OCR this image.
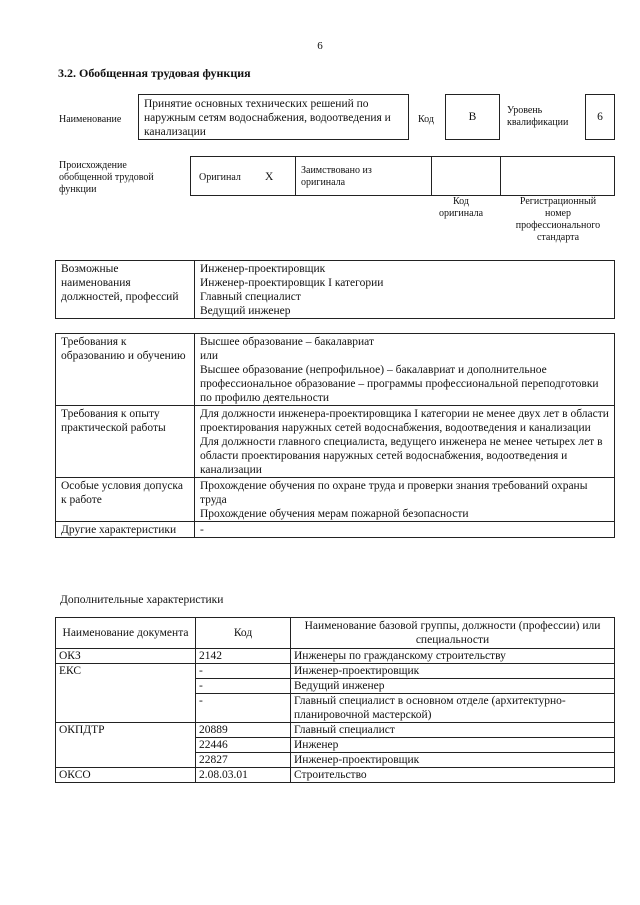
6
3.2. Обобщенная трудовая функция
Наименование
Принятие основных технических решений по наружным сетям водоснабжения, водоотведения и канализации
Код	В
Уровень квалификации	6
Происхождение обобщенной трудовой функции
Оригинал X
Заимствовано из оригинала
Код оригинала
Регистрационный номер профессионального стандарта
Возможные наименования должностей, профессий	
Инженер-проектировщик
Инженер-проектировщик I категории
Главный специалист
Ведущий инженер
Требования к образованию и обучению	Высшее образование – бакалавриат
или
Высшее образование (непрофильное) – бакалавриат и дополнительное профессиональное образование – программы профессиональной переподготовки по профилю деятельности

Требования к опыту практической работы	Для должности инженера-проектировщика I категории не менее двух лет в области проектирования наружных сетей водоснабжения, водоотведения и канализации
Для должности главного специалиста, ведущего инженера не менее четырех лет в области проектирования наружных сетей водоснабжения, водоотведения и канализации

Особые условия допуска к работе	Прохождение обучения по охране труда и проверки знания требований охраны труда
Прохождение обучения мерам пожарной безопасности

Другие характеристики	-
Дополнительные характеристики
Наименование документа	Код	Наименование базовой группы, должности (профессии) или специальности
ОКЗ	2142	Инженеры по гражданскому строительству
ЕКС	-	Инженер-проектировщик
	-	Ведущий инженер
	-	Главный специалист в основном отделе (архитектурно-планировочной мастерской)
ОКПДТР	20889	Главный специалист
	22446	Инженер
	22827	Инженер-проектировщик
ОКСО	2.08.03.01	Строительство
